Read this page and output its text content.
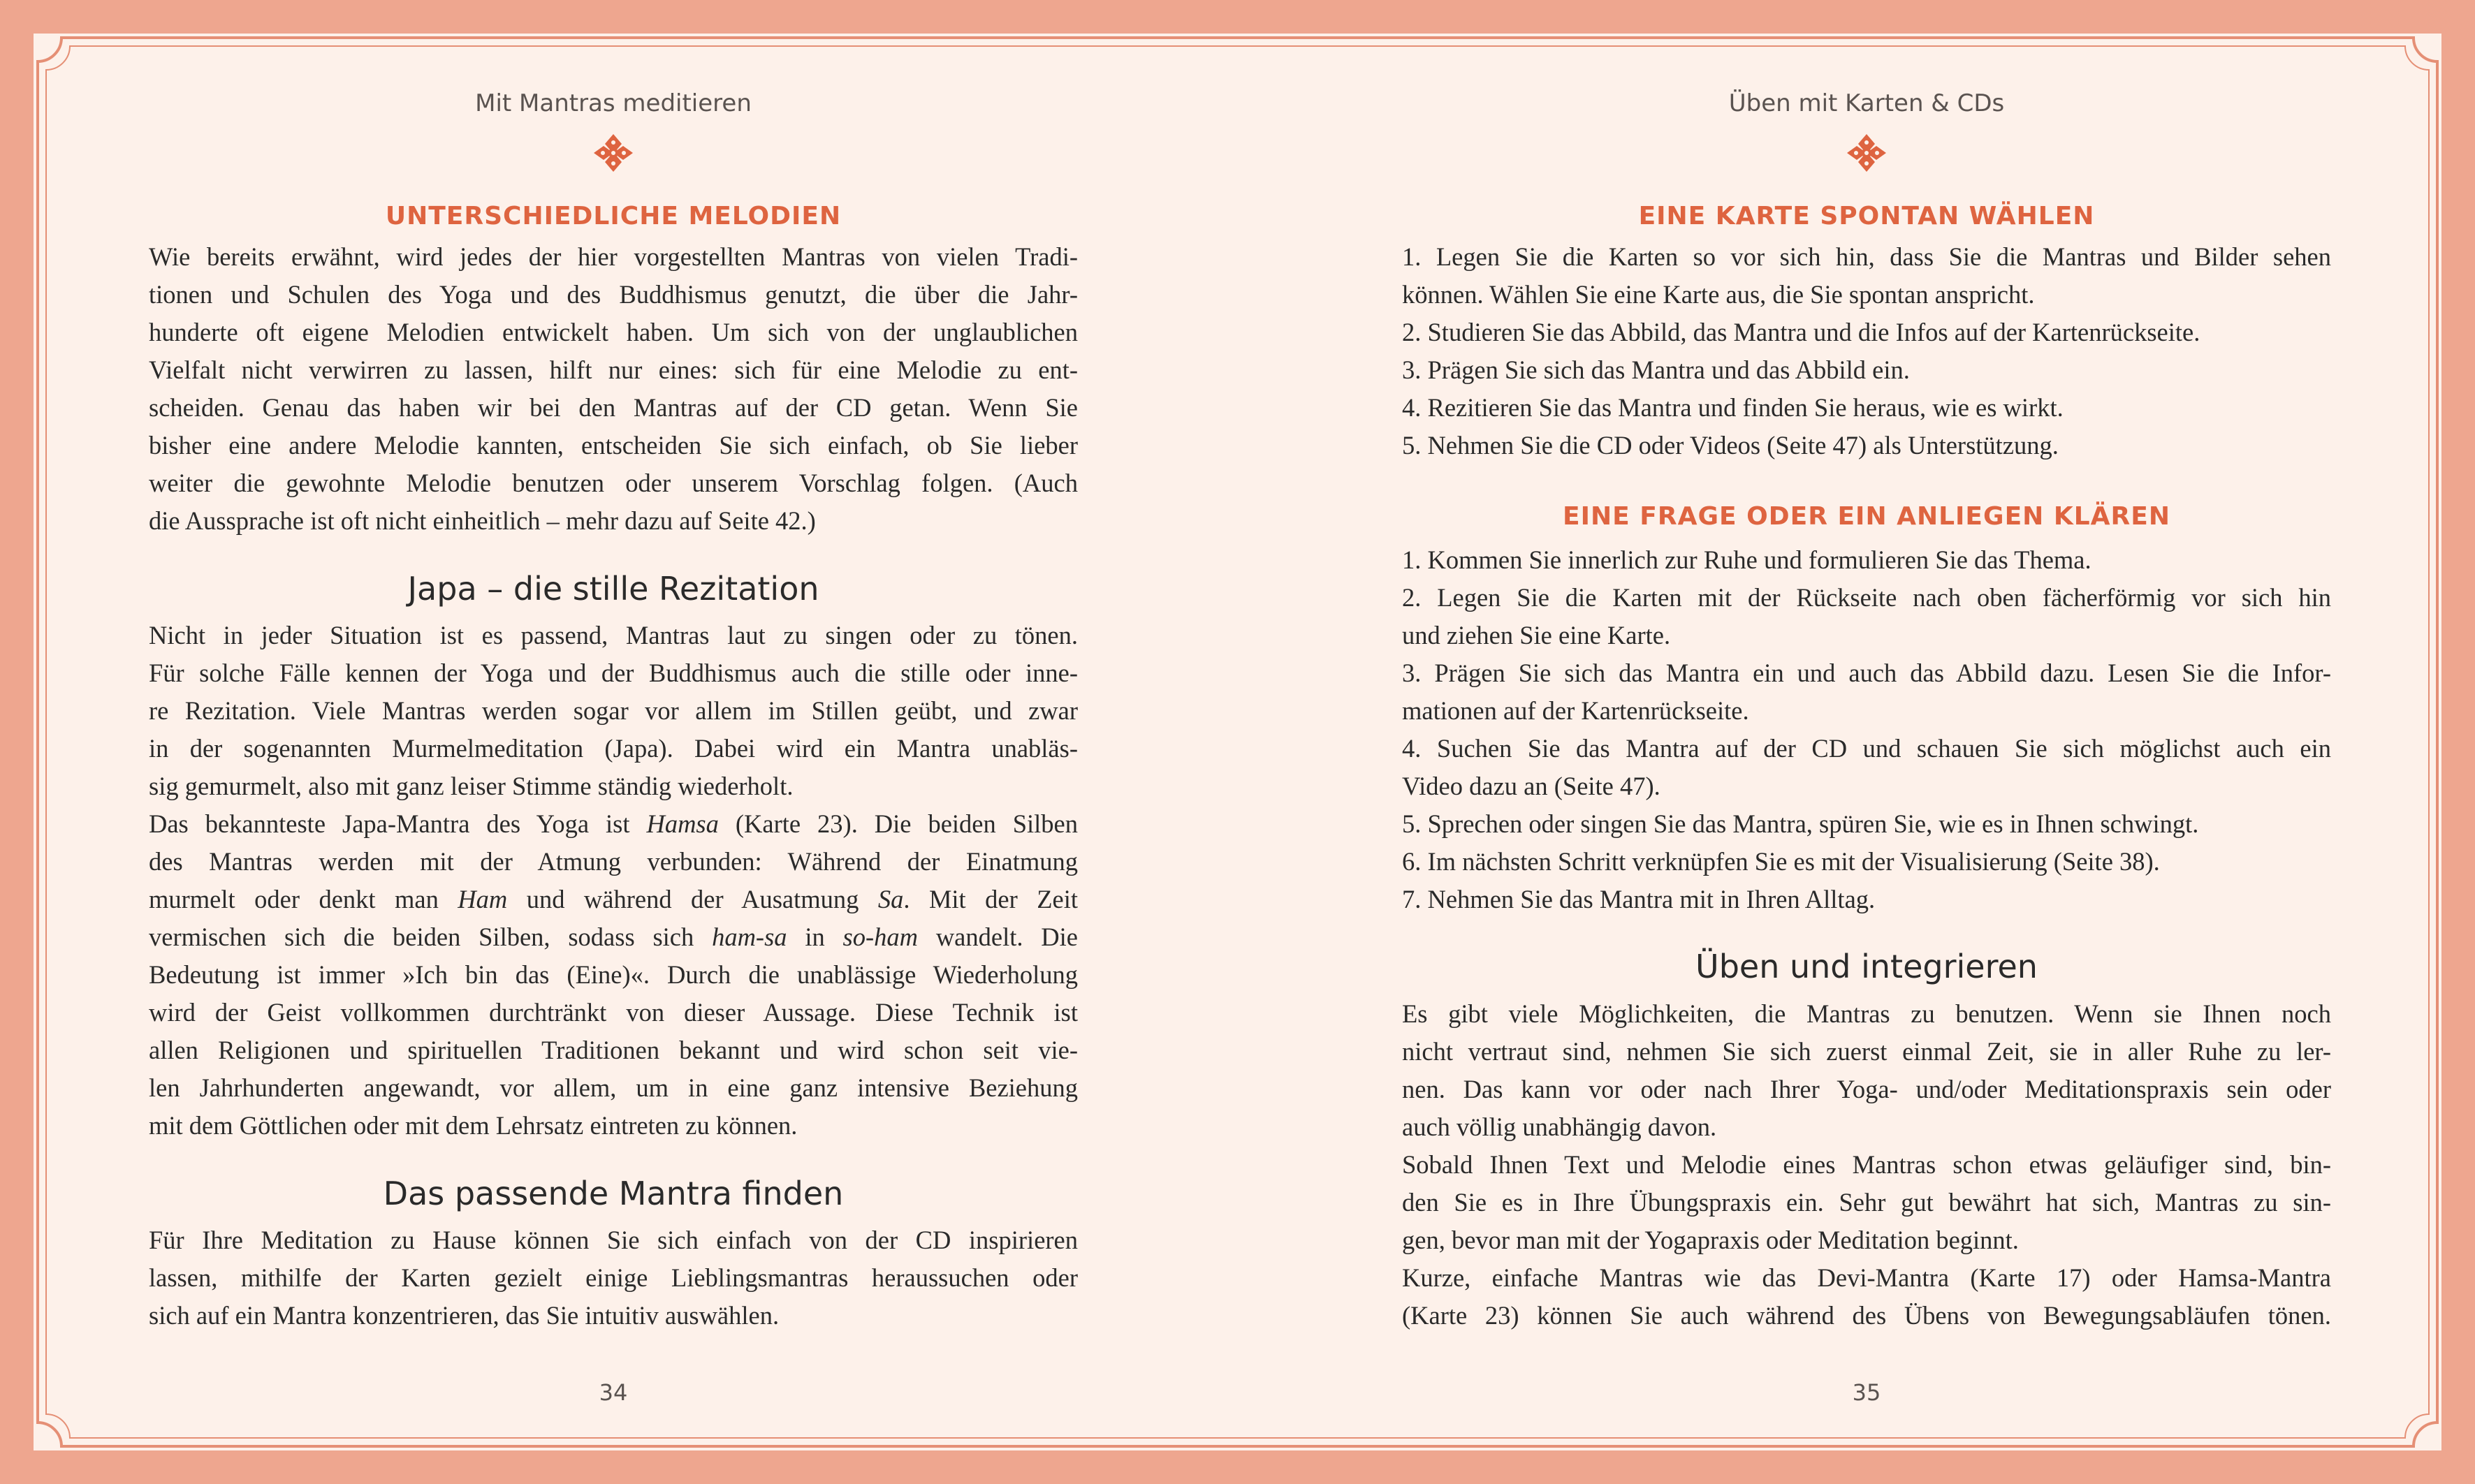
Mit Mantras meditieren
UNTERSCHIEDLICHE MELODIEN
Wie bereits erwähnt, wird jedes der hier vorgestellten Mantras von vielen Tradi-
tionen und Schulen des Yoga und des Buddhismus genutzt, die über die Jahr-
hunderte oft eigene Melodien entwickelt haben. Um sich von der unglaublichen
Vielfalt nicht verwirren zu lassen, hilft nur eines: sich für eine Melodie zu ent-
scheiden. Genau das haben wir bei den Mantras auf der CD getan. Wenn Sie
bisher eine andere Melodie kannten, entscheiden Sie sich einfach, ob Sie lieber
weiter die gewohnte Melodie benutzen oder unserem Vorschlag folgen. (Auch
die Aussprache ist oft nicht einheitlich – mehr dazu auf Seite 42.)
Japa – die stille Rezitation
Nicht in jeder Situation ist es passend, Mantras laut zu singen oder zu tönen.
Für solche Fälle kennen der Yoga und der Buddhismus auch die stille oder inne-
re Rezitation. Viele Mantras werden sogar vor allem im Stillen geübt, und zwar
in der sogenannten Murmelmeditation (Japa). Dabei wird ein Mantra unabläs-
sig gemurmelt, also mit ganz leiser Stimme ständig wiederholt.
Das bekannteste Japa-Mantra des Yoga ist Hamsa (Karte 23). Die beiden Silben
des Mantras werden mit der Atmung verbunden: Während der Einatmung
murmelt oder denkt man Ham und während der Ausatmung Sa. Mit der Zeit
vermischen sich die beiden Silben, sodass sich ham-sa in so-ham wandelt. Die
Bedeutung ist immer »Ich bin das (Eine)«. Durch die unablässige Wiederholung
wird der Geist vollkommen durchtränkt von dieser Aussage. Diese Technik ist
allen Religionen und spirituellen Traditionen bekannt und wird schon seit vie-
len Jahrhunderten angewandt, vor allem, um in eine ganz intensive Beziehung
mit dem Göttlichen oder mit dem Lehrsatz eintreten zu können.
Das passende Mantra finden
Für Ihre Meditation zu Hause können Sie sich einfach von der CD inspirieren
lassen, mithilfe der Karten gezielt einige Lieblingsmantras heraussuchen oder
sich auf ein Mantra konzentrieren, das Sie intuitiv auswählen.
34
Üben mit Karten & CDs
EINE KARTE SPONTAN WÄHLEN
1. Legen Sie die Karten so vor sich hin, dass Sie die Mantras und Bilder sehen
können. Wählen Sie eine Karte aus, die Sie spontan anspricht.
2. Studieren Sie das Abbild, das Mantra und die Infos auf der Kartenrückseite.
3. Prägen Sie sich das Mantra und das Abbild ein.
4. Rezitieren Sie das Mantra und finden Sie heraus, wie es wirkt.
5. Nehmen Sie die CD oder Videos (Seite 47) als Unterstützung.
EINE FRAGE ODER EIN ANLIEGEN KLÄREN
1. Kommen Sie innerlich zur Ruhe und formulieren Sie das Thema.
2. Legen Sie die Karten mit der Rückseite nach oben fächerförmig vor sich hin
und ziehen Sie eine Karte.
3. Prägen Sie sich das Mantra ein und auch das Abbild dazu. Lesen Sie die Infor-
mationen auf der Kartenrückseite.
4. Suchen Sie das Mantra auf der CD und schauen Sie sich möglichst auch ein
Video dazu an (Seite 47).
5. Sprechen oder singen Sie das Mantra, spüren Sie, wie es in Ihnen schwingt.
6. Im nächsten Schritt verknüpfen Sie es mit der Visualisierung (Seite 38).
7. Nehmen Sie das Mantra mit in Ihren Alltag.
Üben und integrieren
Es gibt viele Möglichkeiten, die Mantras zu benutzen. Wenn sie Ihnen noch
nicht vertraut sind, nehmen Sie sich zuerst einmal Zeit, sie in aller Ruhe zu ler-
nen. Das kann vor oder nach Ihrer Yoga- und/oder Meditationspraxis sein oder
auch völlig unabhängig davon.
Sobald Ihnen Text und Melodie eines Mantras schon etwas geläufiger sind, bin-
den Sie es in Ihre Übungspraxis ein. Sehr gut bewährt hat sich, Mantras zu sin-
gen, bevor man mit der Yogapraxis oder Meditation beginnt.
Kurze, einfache Mantras wie das Devi-Mantra (Karte 17) oder Hamsa-Mantra
(Karte 23) können Sie auch während des Übens von Bewegungsabläufen tönen.
35
